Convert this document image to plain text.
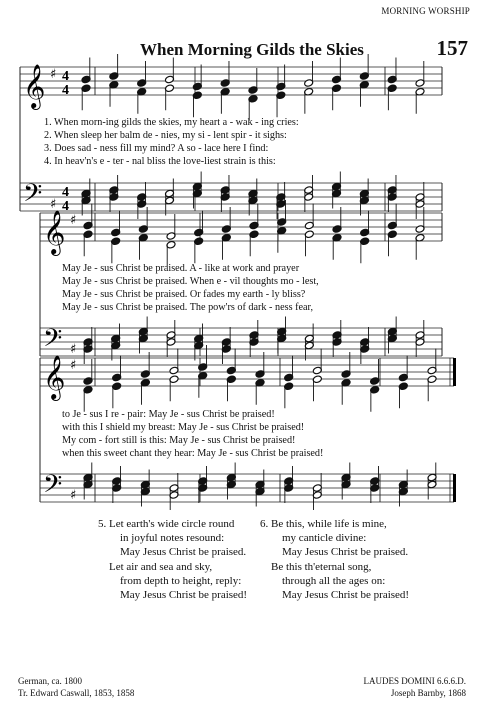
MORNING WORSHIP
When Morning Gilds the Skies	157
𝄞
𝄢
♯
♯
4
4
4
4
𝄞
𝄢
♯
♯
𝄞
𝄢
♯
♯
1. When morn-ing gilds the skies, my heart a - wak - ing cries:
2. When sleep her balm de - nies, my si - lent spir - it sighs:
3. Does sad - ness fill my mind? A so - lace here I find:
4. In heav'n's e - ter - nal bliss the love-liest strain is this:
May Je - sus Christ be praised. A - like at work and prayer
May Je - sus Christ be praised. When e - vil thoughts mo - lest,
May Je - sus Christ be praised. Or fades my earth - ly bliss?
May Je - sus Christ be praised. The pow'rs of dark - ness fear,
to Je - sus I re - pair: May Je - sus Christ be praised!
with this I shield my breast: May Je - sus Christ be praised!
My com - fort still is this: May Je - sus Christ be praised!
when this sweet chant they hear: May Je - sus Christ be praised!
5. Let earth's wide circle round
in joyful notes resound:
May Jesus Christ be praised.
Let air and sea and sky,
from depth to height, reply:
May Jesus Christ be praised!
6. Be this, while life is mine,
my canticle divine:
May Jesus Christ be praised.
Be this th'eternal song,
through all the ages on:
May Jesus Christ be praised!
German, ca. 1800
Tr. Edward Caswall, 1853, 1858
LAUDES DOMINI 6.6.6.D.
Joseph Barnby, 1868
